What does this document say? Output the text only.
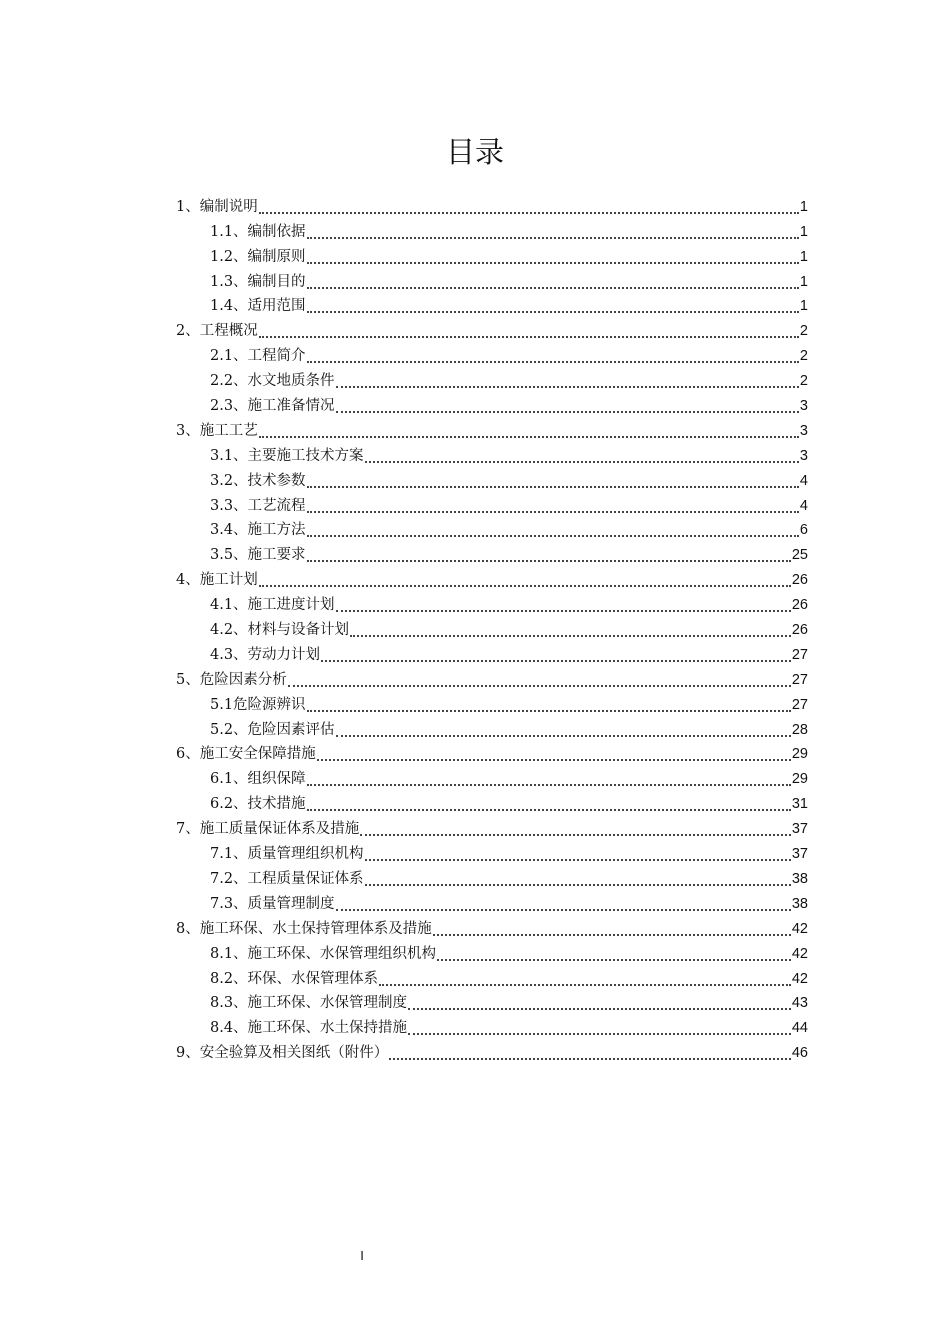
目录
1、编制说明	1
1.1、编制依据	1
1.2、编制原则	1
1.3、编制目的	1
1.4、适用范围	1
2、工程概况	2
2.1、工程简介	2
2.2、水文地质条件	2
2.3、施工准备情况	3
3、施工工艺	3
3.1、主要施工技术方案	3
3.2、技术参数	4
3.3、工艺流程	4
3.4、施工方法	6
3.5、施工要求	25
4、施工计划	26
4.1、施工进度计划	26
4.2、材料与设备计划	26
4.3、劳动力计划	27
5、危险因素分析	27
5.1危险源辨识	27
5.2、危险因素评估	28
6、施工安全保障措施	29
6.1、组织保障	29
6.2、技术措施	31
7、施工质量保证体系及措施	37
7.1、质量管理组织机构	37
7.2、工程质量保证体系	38
7.3、质量管理制度	38
8、施工环保、水土保持管理体系及措施	42
8.1、施工环保、水保管理组织机构	42
8.2、环保、水保管理体系	42
8.3、施工环保、水保管理制度	43
8.4、施工环保、水土保持措施	44
9、安全验算及相关图纸（附件）	46
I
